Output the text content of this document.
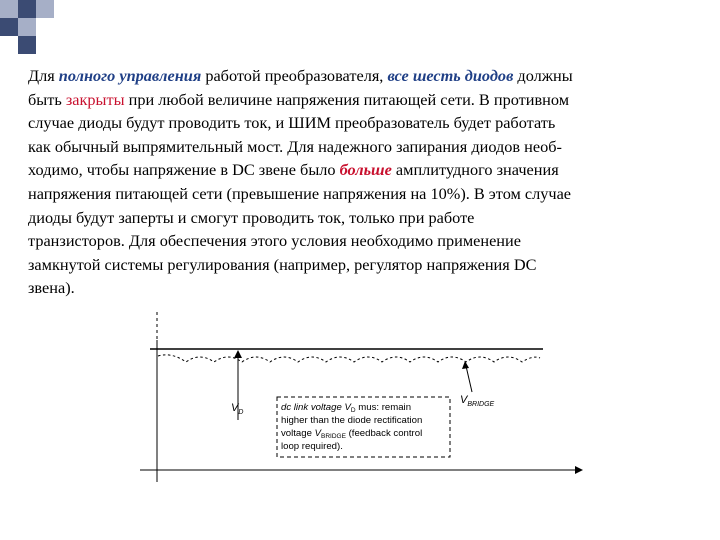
Для полного управления работой преобразователя, все шесть диодов должны
быть закрыты при любой величине напряжения питающей сети. В противном
случае диоды будут проводить ток, и ШИМ преобразователь будет работать
как обычный выпрямительный мост. Для надежного запирания диодов необ-
ходимо, чтобы напряжение в DC звене было больше амплитудного значения
напряжения питающей сети (превышение напряжения на 10%). В этом случае
диоды будут заперты и смогут проводить ток, только при работе
транзисторов. Для обеспечения этого условия необходимо применение
замкнутой системы регулирования (например, регулятор напряжения DC
звена).
$V_D$
$V_{BRIDGE}$
dc link voltage $V_D$ mus: remain
higher than the diode rectification
voltage $V_{BRIDGE}$ (feedback control
loop required).
